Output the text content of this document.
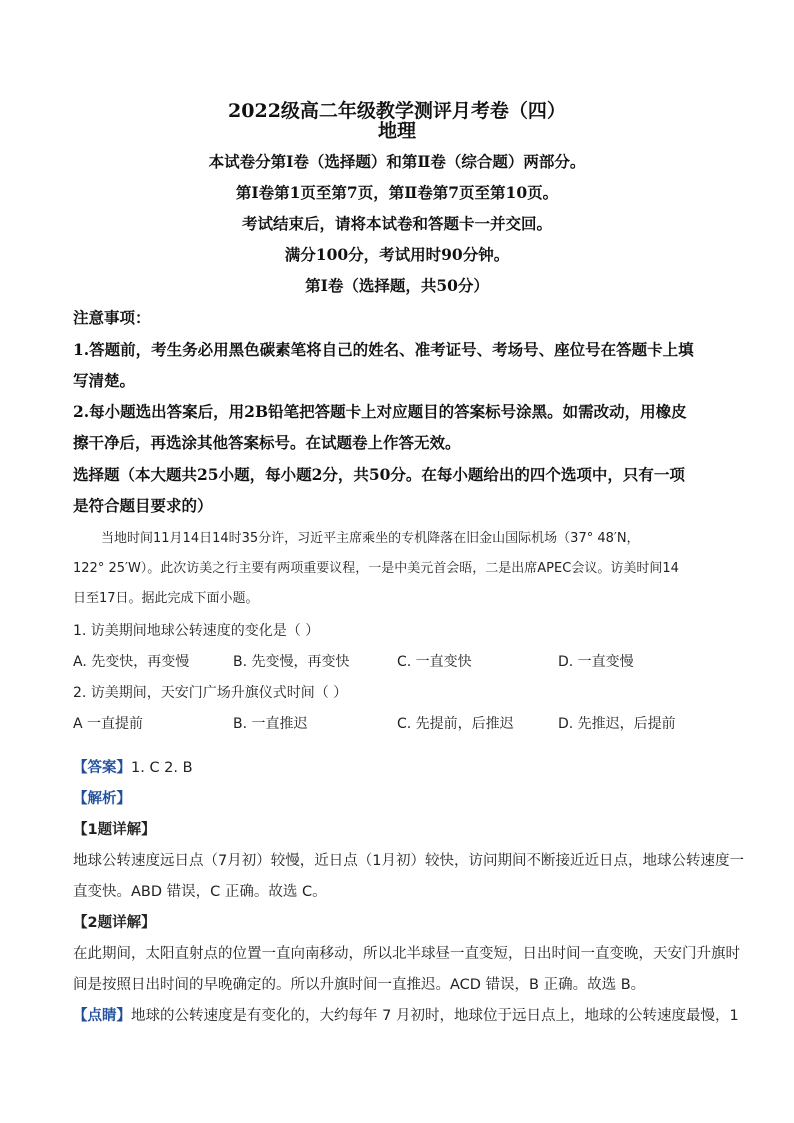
2022级高二年级教学测评月考卷（四）
地理
本试卷分第Ⅰ卷（选择题）和第Ⅱ卷（综合题）两部分。
第Ⅰ卷第1页至第7页，第Ⅱ卷第7页至第10页。
考试结束后，请将本试卷和答题卡一并交回。
满分100分，考试用时90分钟。
第Ⅰ卷（选择题，共50分）
注意事项：
1.答题前，考生务必用黑色碳素笔将自己的姓名、准考证号、考场号、座位号在答题卡上填
写清楚。
2.每小题选出答案后，用2B铅笔把答题卡上对应题目的答案标号涂黑。如需改动，用橡皮
擦干净后，再选涂其他答案标号。在试题卷上作答无效。
选择题（本大题共25小题，每小题2分，共50分。在每小题给出的四个选项中，只有一项
是符合题目要求的）
当地时间11月14日14时35分许，习近平主席乘坐的专机降落在旧金山国际机场（37° 48′N，
122° 25′W）。此次访美之行主要有两项重要议程，一是中美元首会晤，二是出席APEC会议。访美时间14
日至17日。据此完成下面小题。
1. 访美期间地球公转速度的变化是（ ）
A. 先变快，再变慢	B. 先变慢，再变快	C. 一直变快	D. 一直变慢
2. 访美期间，天安门广场升旗仪式时间（ ）
A 一直提前	B. 一直推迟	C. 先提前，后推迟	D. 先推迟，后提前
【答案】1. C 2. B
【解析】
【1题详解】
地球公转速度远日点（7月初）较慢，近日点（1月初）较快，访问期间不断接近近日点，地球公转速度一
直变快。ABD 错误，C 正确。故选 C。
【2题详解】
在此期间，太阳直射点的位置一直向南移动，所以北半球昼一直变短，日出时间一直变晚，天安门升旗时
间是按照日出时间的早晚确定的。所以升旗时间一直推迟。ACD 错误，B 正确。故选 B。
【点睛】地球的公转速度是有变化的，大约每年 7 月初时，地球位于远日点上，地球的公转速度最慢，1
